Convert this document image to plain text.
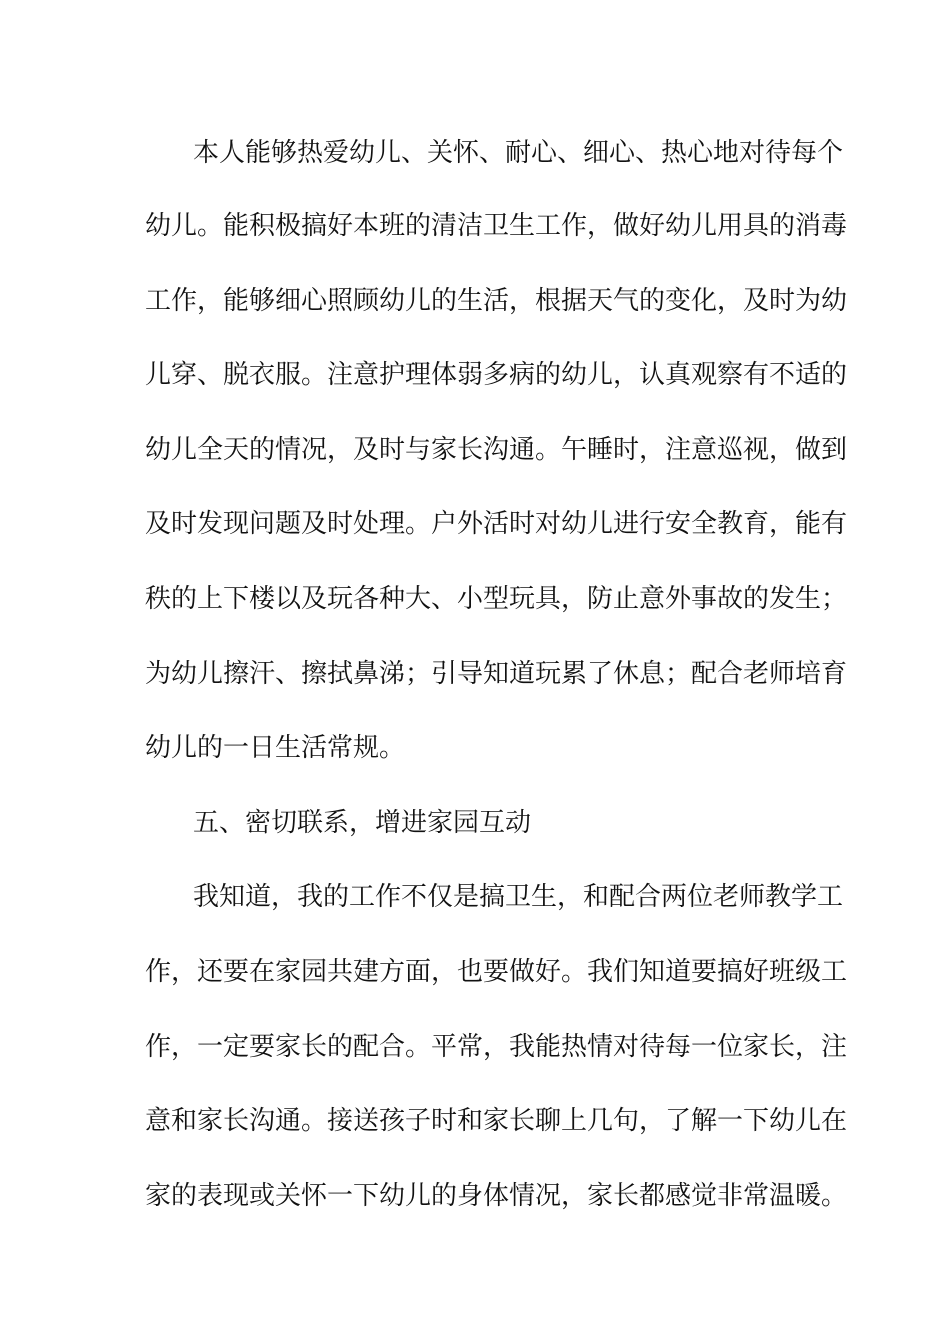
本人能够热爱幼儿、关怀、耐心、细心、热心地对待每个
幼儿。能积极搞好本班的清洁卫生工作，做好幼儿用具的消毒
工作，能够细心照顾幼儿的生活，根据天气的变化，及时为幼
儿穿、脱衣服。注意护理体弱多病的幼儿，认真观察有不适的
幼儿全天的情况，及时与家长沟通。午睡时，注意巡视，做到
及时发现问题及时处理。户外活时对幼儿进行安全教育，能有
秩的上下楼以及玩各种大、小型玩具，防止意外事故的发生；
为幼儿擦汗、擦拭鼻涕；引导知道玩累了休息；配合老师培育
幼儿的一日生活常规。
五、密切联系，增进家园互动
我知道，我的工作不仅是搞卫生，和配合两位老师教学工
作，还要在家园共建方面，也要做好。我们知道要搞好班级工
作，一定要家长的配合。平常，我能热情对待每一位家长，注
意和家长沟通。接送孩子时和家长聊上几句，了解一下幼儿在
家的表现或关怀一下幼儿的身体情况，家长都感觉非常温暖。
